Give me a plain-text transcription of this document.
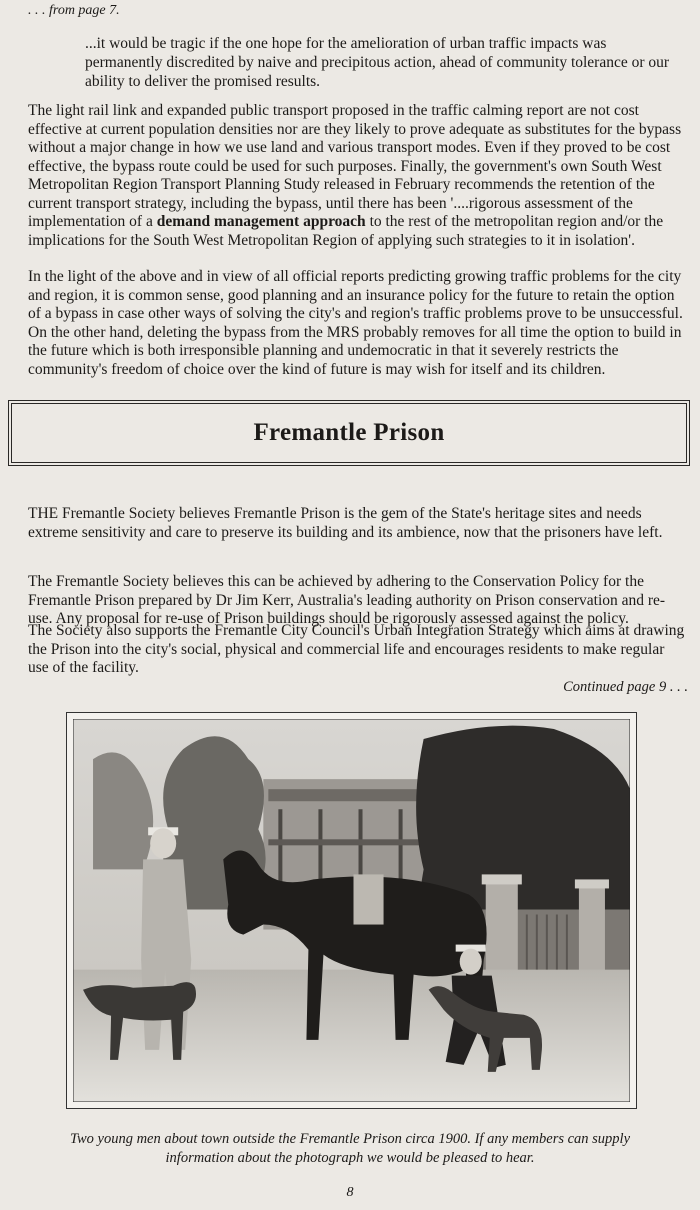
. . . from page 7.
...it would be tragic if the one hope for the amelioration of urban traffic impacts was permanently discredited by naive and precipitous action, ahead of community tolerance or our ability to deliver the promised results.
The light rail link and expanded public transport proposed in the traffic calming report are not cost effective at current population densities nor are they likely to prove adequate as substitutes for the bypass without a major change in how we use land and various transport modes. Even if they proved to be cost effective, the bypass route could be used for such purposes. Finally, the government's own South West Metropolitan Region Transport Planning Study released in February recommends the retention of the current transport strategy, including the bypass, until there has been '....rigorous assessment of the implementation of a demand management approach to the rest of the metropolitan region and/or the implications for the South West Metropolitan Region of applying such strategies to it in isolation'.
In the light of the above and in view of all official reports predicting growing traffic problems for the city and region, it is common sense, good planning and an insurance policy for the future to retain the option of a bypass in case other ways of solving the city's and region's traffic problems prove to be unsuccessful. On the other hand, deleting the bypass from the MRS probably removes for all time the option to build in the future which is both irresponsible planning and undemocratic in that it severely restricts the community's freedom of choice over the kind of future is may wish for itself and its children.
Fremantle Prison
THE Fremantle Society believes Fremantle Prison is the gem of the State's heritage sites and needs extreme sensitivity and care to preserve its building and its ambience, now that the prisoners have left.
The Fremantle Society believes this can be achieved by adhering to the Conservation Policy for the Fremantle Prison prepared by Dr Jim Kerr, Australia's leading authority on Prison conservation and re-use. Any proposal for re-use of Prison buildings should be rigorously assessed against the policy.
The Society also supports the Fremantle City Council's Urban Integration Strategy which aims at drawing the Prison into the city's social, physical and commercial life and encourages residents to make regular use of the facility.
Continued page 9 . . .
Two young men about town outside the Fremantle Prison circa 1900. If any members can supply information about the photograph we would be pleased to hear.
8
